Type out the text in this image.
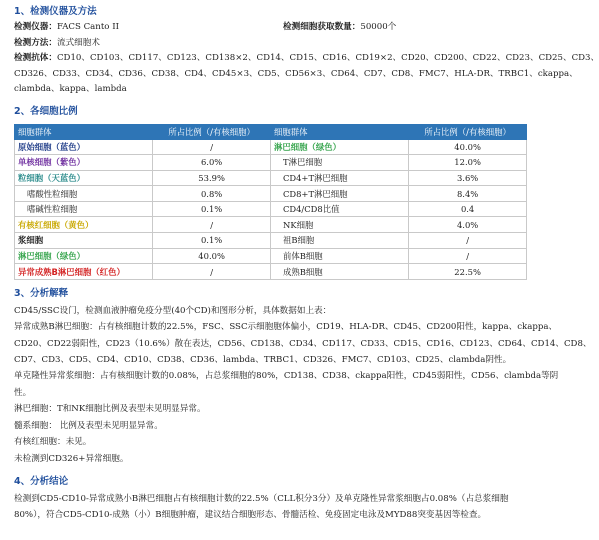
1、检测仪器及方法
检测仪器：FACS Canto II	检测细胞获取数量：50000个
检测方法：流式细胞术
检测抗体：CD10、CD103、CD117、CD123、CD138×2、CD14、CD15、CD16、CD19×2、CD20、CD200、CD22、CD23、CD25、CD3、
CD326、CD33、CD34、CD36、CD38、CD4、CD45×3、CD5、CD56×3、CD64、CD7、CD8、FMC7、HLA-DR、TRBC1、ckappa、
clambda、kappa、lambda
2、各细胞比例
细胞群体	所占比例（/有核细胞）	细胞群体	所占比例（/有核细胞）
原始细胞（蓝色）	/	淋巴细胞（绿色）	40.0%
单核细胞（紫色）	6.0%	T淋巴细胞	12.0%
粒细胞（天蓝色）	53.9%	CD4+T淋巴细胞	3.6%
嗜酸性粒细胞	0.8%	CD8+T淋巴细胞	8.4%
嗜碱性粒细胞	0.1%	CD4/CD8比值	0.4
有核红细胞（黄色）	/	NK细胞	4.0%
浆细胞	0.1%	祖B细胞	/
淋巴细胞（绿色）	40.0%	前体B细胞	/
异常成熟B淋巴细胞（红色）	/	成熟B细胞	22.5%
3、分析解释
CD45/SSC设门，检测血液肿瘤免疫分型(40个CD)和图形分析，具体数据如上表：
异常成熟B淋巴细胞：占有核细胞计数的22.5%，FSC、SSC示细胞胞体偏小，CD19、HLA-DR、CD45、CD200阳性，kappa、ckappa、
CD20、CD22弱阳性，CD23（10.6%）散在表达，CD56、CD138、CD34、CD117、CD33、CD15、CD16、CD123、CD64、CD14、CD8、
CD7、CD3、CD5、CD4、CD10、CD38、CD36、lambda、TRBC1、CD326、FMC7、CD103、CD25、clambda阴性。
单克隆性异常浆细胞：占有核细胞计数的0.08%，占总浆细胞的80%，CD138、CD38、ckappa阳性，CD45弱阳性，CD56、clambda等阴
性。
淋巴细胞：T和NK细胞比例及表型未见明显异常。
髓系细胞： 比例及表型未见明显异常。
有核红细胞：未见。
未检测到CD326+异常细胞。
4、分析结论
检测到CD5-CD10-异常成熟小B淋巴细胞占有核细胞计数的22.5%（CLL积分3分）及单克隆性异常浆细胞占0.08%（占总浆细胞
80%），符合CD5-CD10-成熟（小）B细胞肿瘤，建议结合细胞形态、骨髓活检、免疫固定电泳及MYD88突变基因等检查。
